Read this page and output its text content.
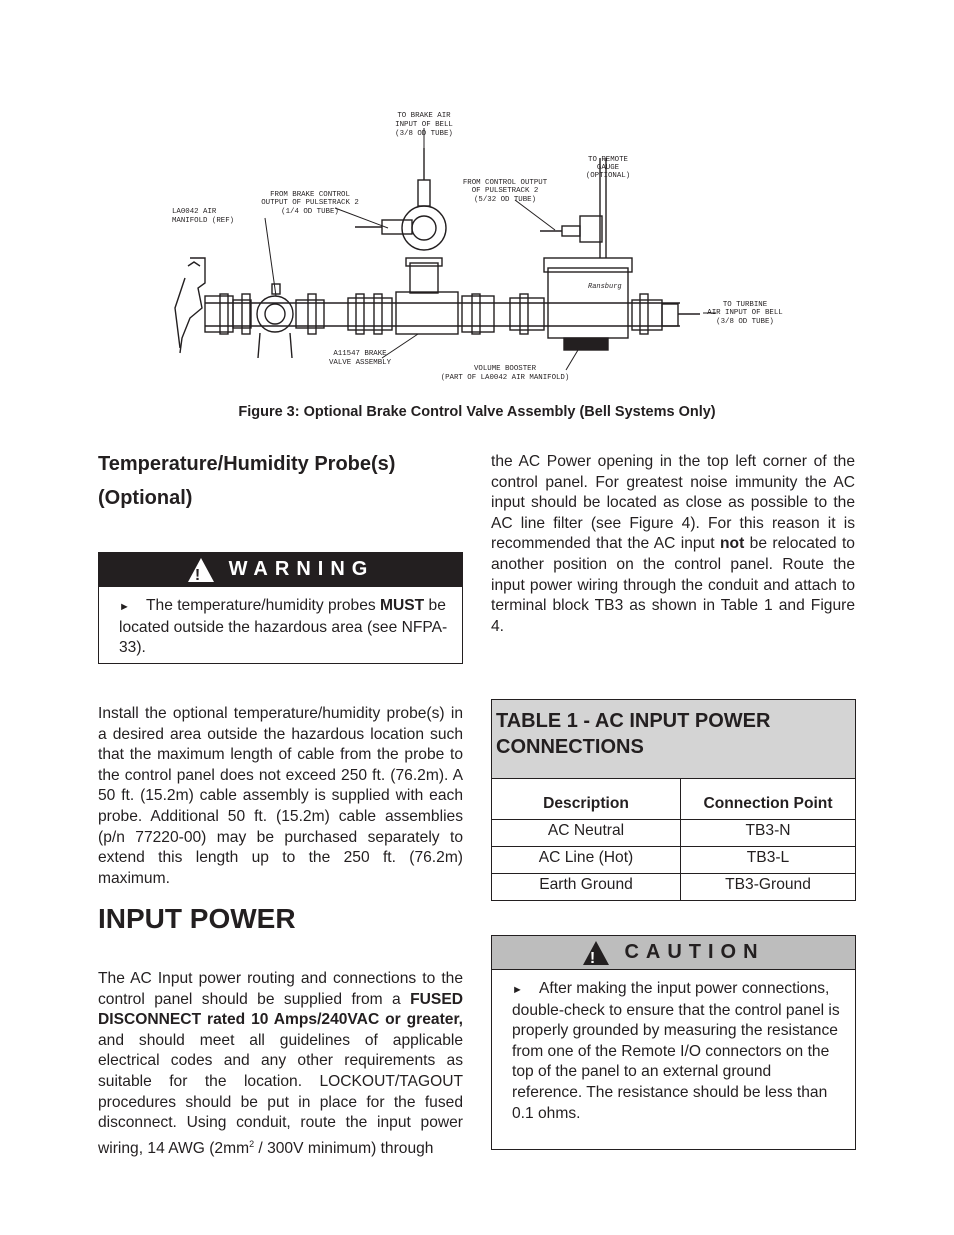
TO BRAKE AIR
INPUT OF BELL
(3/8 OD TUBE)
TO REMOTE
GAUGE
(OPTIONAL)
FROM CONTROL OUTPUT
OF PULSETRACK 2
(5/32 OD TUBE)
FROM BRAKE CONTROL
OUTPUT OF PULSETRACK 2
(1/4 OD TUBE)
LA0042 AIR
MANIFOLD (REF)
TO TURBINE
AIR INPUT OF BELL
(3/8 OD TUBE)
A11547 BRAKE
VALVE ASSEMBLY
VOLUME BOOSTER
(PART OF LA0042 AIR MANIFOLD)
Ransburg
Figure 3: Optional Brake Control Valve Assembly (Bell Systems Only)
Temperature/Humidity Probe(s)
(Optional)
! WARNING
► The temperature/humidity probes MUST be located outside the hazardous area (see NFPA-33).
Install the optional temperature/humidity probe(s) in a desired area outside the hazardous location such that the maximum length of cable from the probe to the control panel does not exceed 250 ft. (76.2m). A 50 ft. (15.2m) cable assembly is supplied with each probe. Additional 50 ft. (15.2m) cable assemblies (p/n 77220-00) may be purchased separately to extend this length up to the 250 ft. (76.2m) maximum.
INPUT POWER
The AC Input power routing and connections to the control panel should be supplied from a FUSED DISCONNECT rated 10 Amps/240VAC or greater, and should meet all guidelines of applicable electrical codes and any other requirements as suitable for the location. LOCKOUT/TAGOUT procedures should be put in place for the fused disconnect. Using conduit, route the input power wiring, 14 AWG ($2mm^2 / 300V$ minimum) through
the AC Power opening in the top left corner of the control panel. For greatest noise immunity the AC input should be located as close as possible to the AC line filter (see Figure 4). For this reason it is recommended that the AC input not be relocated to another position on the control panel. Route the input power wiring through the conduit and attach to terminal block TB3 as shown in Table 1 and Figure 4.
TABLE 1 - AC INPUT POWER CONNECTIONS
Description	Connection Point
AC Neutral	TB3-N
AC Line (Hot)	TB3-L
Earth Ground	TB3-Ground
! CAUTION
► After making the input power connections, double-check to ensure that the control panel is properly grounded by measuring the resistance from one of the Remote I/O connectors on the top of the panel to an external ground reference. The resistance should be less than 0.1 ohms.
